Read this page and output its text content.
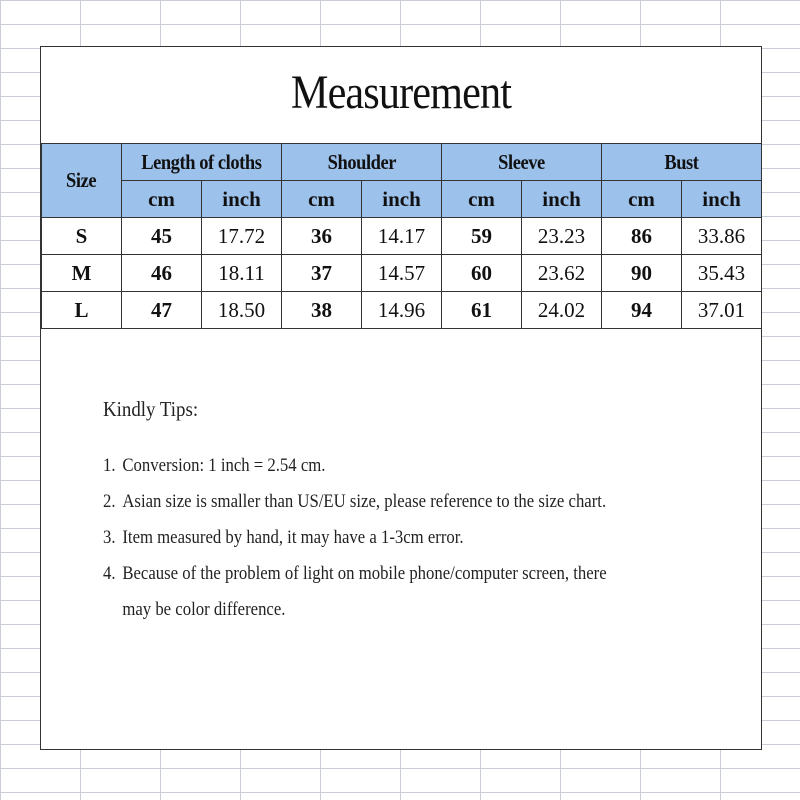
Measurement
Size	Length of cloths		Shoulder		Sleeve		Bust	
	cm	inch	cm	inch	cm	inch	cm	inch
S	45	17.72	36	14.17	59	23.23	86	33.86
M	46	18.11	37	14.57	60	23.62	90	35.43
L	47	18.50	38	14.96	61	24.02	94	37.01
Kindly Tips:
1. Conversion: 1 inch = 2.54 cm.
2. Asian size is smaller than US/EU size, please reference to the size chart.
3. Item measured by hand, it may have a 1-3cm error.
4. Because of the problem of light on mobile phone/computer screen, there may be color difference.
